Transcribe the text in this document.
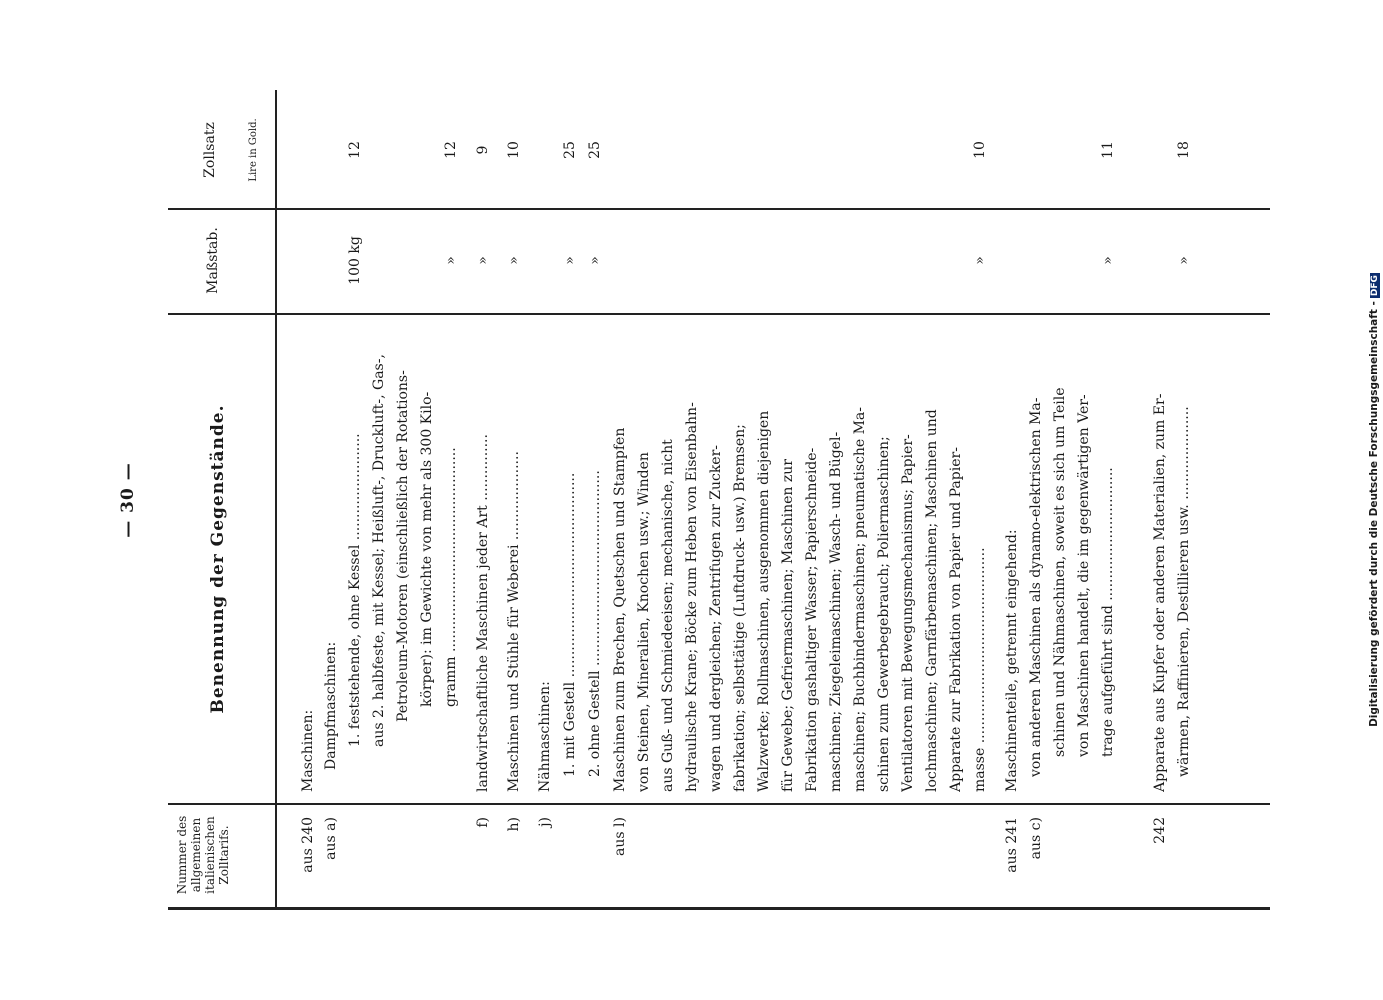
— 30 —	Digitalisierung gefördert durch die Deutsche Forschungsgemeinschaft -DFG
Nummer des allgemeinen italienischen Zolltarifs.
Benennung der Gegenstände.
Maßstab.
Zollsatz	Lire in Gold.
aus 240
Maschinen:
aus a)
Dampfmaschinen: 1. feststehende, ohne Kessel ........................
100 kg
12
aus 2. halbfeste, mit Kessel; Heißluft-, Druckluft-, Gas-, Petroleum-Motoren (einschließlich der Rotations- körper): im Gewichte von mehr als 300 Kilo- gramm ..............................................
»
12
f)
landwirtschaftliche Maschinen jeder Art ...............
»
9
h)
Maschinen und Stühle für Weberei ....................
»
10
j)
Nähmaschinen: 1. mit Gestell ..............................................
»
25
2. ohne Gestell ............................................
»
25
aus l)
Maschinen zum Brechen, Quetschen und Stampfen von Steinen, Mineralien, Knochen usw.; Winden aus Guß- und Schmiedeeisen; mechanische, nicht hydraulische Krane; Böcke zum Heben von Eisenbahn- wagen und dergleichen; Zentrifugen zur Zucker- fabrikation; selbsttätige (Luftdruck- usw.) Bremsen; Walzwerke; Rollmaschinen, ausgenommen diejenigen für Gewebe; Gefriermaschinen; Maschinen zur Fabrikation gashaltiger Wasser; Papierschneide- maschinen; Ziegeleimaschinen; Wasch- und Bügel- maschinen; Buchbindermaschinen; pneumatische Ma- schinen zum Gewerbegebrauch; Poliermaschinen; Ventilatoren mit Bewegungsmechanismus; Papier- lochmaschinen; Garnfärbemaschinen; Maschinen und Apparate zur Fabrikation von Papier und Papier- masse ............................................
»
10
aus 241
Maschinenteile, getrennt eingehend:
aus c)
von anderen Maschinen als dynamo-elektrischen Ma- schinen und Nähmaschinen, soweit es sich um Teile von Maschinen handelt, die im gegenwärtigen Ver- trage aufgeführt sind ..............................
»
11
242
Apparate aus Kupfer oder anderen Materialien, zum Er- wärmen, Raffinieren, Destillieren usw. .....................
»
18
